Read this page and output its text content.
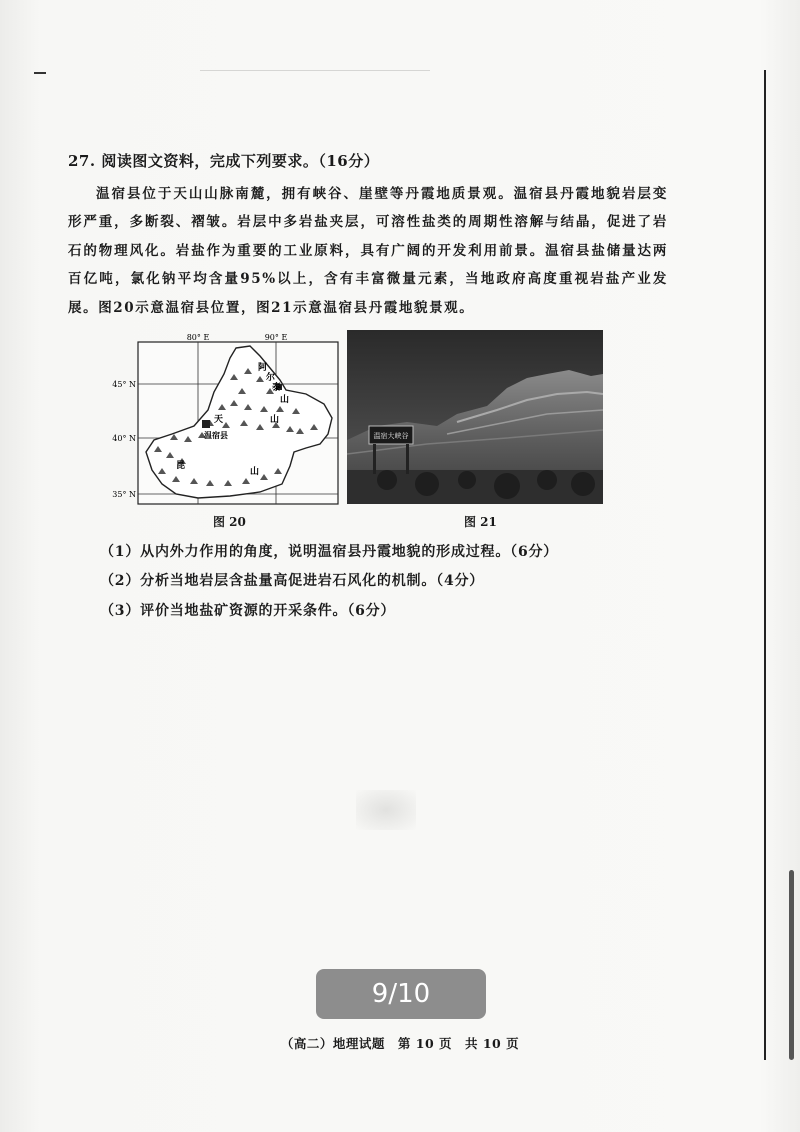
27. 阅读图文资料，完成下列要求。（16分）

温宿县位于天山山脉南麓，拥有峡谷、崖壁等丹霞地质景观。温宿县丹霞地貌岩层变形严重，多断裂、褶皱。岩层中多岩盐夹层，可溶性盐类的周期性溶解与结晶，促进了岩石的物理风化。岩盐作为重要的工业原料，具有广阔的开发利用前景。温宿县盐储量达两百亿吨，氯化钠平均含量95%以上，含有丰富微量元素，当地政府高度重视岩盐产业发展。图20示意温宿县位置，图21示意温宿县丹霞地貌景观。

80° E	90° E
45° N
40° N
35° N
阿
尔
泰
山
天	山
温宿县
昆
山
图 20
温宿大峡谷
图 21
（1）从内外力作用的角度，说明温宿县丹霞地貌的形成过程。（6分）
（2）分析当地岩层含盐量高促进岩石风化的机制。（4分）
（3）评价当地盐矿资源的开采条件。（6分）
9/10
（高二）地理试题　第 10 页　共 10 页
